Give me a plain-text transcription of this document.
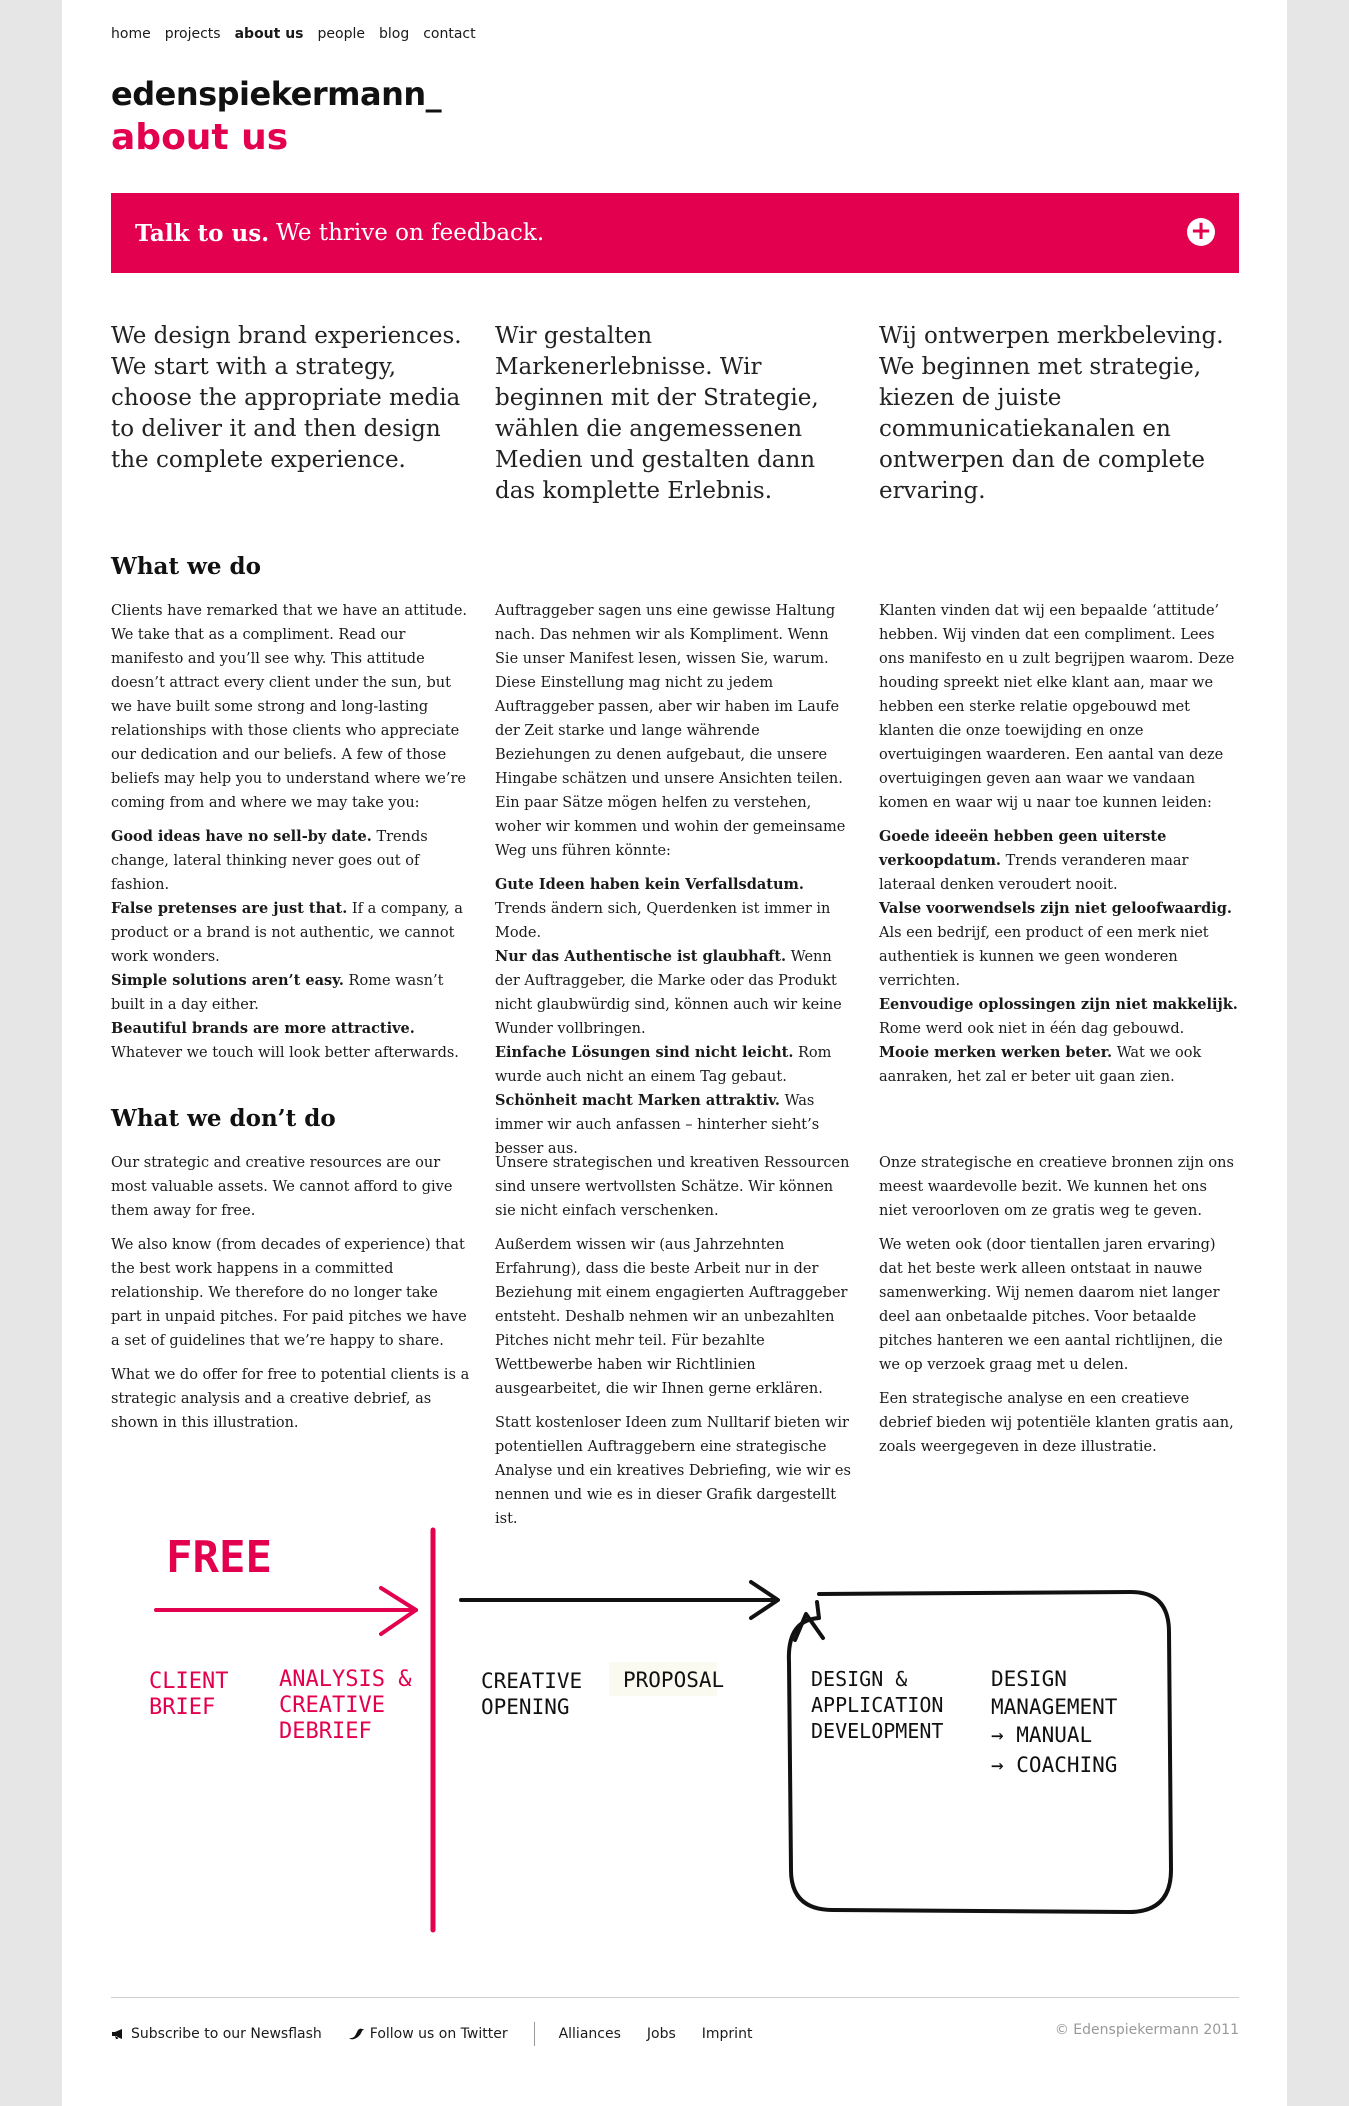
home projects about us people blog contact
edenspiekermann_
about us
Talk to us. We thrive on feedback.	+
We design brand experiences. We start with a strategy, choose the appropriate media to deliver it and then design the complete experience.
Wir gestalten Markenerlebnisse. Wir beginnen mit der Strategie, wählen die angemessenen Medien und gestalten dann das komplette Erlebnis.
Wij ontwerpen merkbeleving. We beginnen met strategie, kiezen de juiste communicatiekanalen en ontwerpen dan de complete ervaring.
What we do

Clients have remarked that we have an attitude. We take that as a compliment. Read our manifesto and you’ll see why. This attitude doesn’t attract every client under the sun, but we have built some strong and long-lasting relationships with those clients who appreciate our dedication and our beliefs. A few of those beliefs may help you to understand where we’re coming from and where we may take you:

Good ideas have no sell-by date. Trends change, lateral thinking never goes out of fashion.
False pretenses are just that. If a company, a product or a brand is not authentic, we cannot work wonders.
Simple solutions aren’t easy. Rome wasn’t built in a day either.
Beautiful brands are more attractive. Whatever we touch will look better afterwards.

Auftraggeber sagen uns eine gewisse Haltung nach. Das nehmen wir als Kompliment. Wenn Sie unser Manifest lesen, wissen Sie, warum. Diese Einstellung mag nicht zu jedem Auftraggeber passen, aber wir haben im Laufe der Zeit starke und lange währende Beziehungen zu denen aufgebaut, die unsere Hingabe schätzen und unsere Ansichten teilen. Ein paar Sätze mögen helfen zu verstehen, woher wir kommen und wohin der gemeinsame Weg uns führen könnte:

Gute Ideen haben kein Verfallsdatum. Trends ändern sich, Querdenken ist immer in Mode.
Nur das Authentische ist glaubhaft. Wenn der Auftraggeber, die Marke oder das Produkt nicht glaubwürdig sind, können auch wir keine Wunder vollbringen.
Einfache Lösungen sind nicht leicht. Rom wurde auch nicht an einem Tag gebaut.
Schönheit macht Marken attraktiv. Was immer wir auch anfassen – hinterher sieht’s besser aus.

Klanten vinden dat wij een bepaalde ‘attitude’ hebben. Wij vinden dat een compliment. Lees ons manifesto en u zult begrijpen waarom. Deze houding spreekt niet elke klant aan, maar we hebben een sterke relatie opgebouwd met klanten die onze toewijding en onze overtuigingen waarderen. Een aantal van deze overtuigingen geven aan waar we vandaan komen en waar wij u naar toe kunnen leiden:

Goede ideeën hebben geen uiterste verkoopdatum. Trends veranderen maar lateraal denken veroudert nooit.
Valse voorwendsels zijn niet geloofwaardig. Als een bedrijf, een product of een merk niet authentiek is kunnen we geen wonderen verrichten.
Eenvoudige oplossingen zijn niet makkelijk. Rome werd ook niet in één dag gebouwd.
Mooie merken werken beter. Wat we ook aanraken, het zal er beter uit gaan zien.
What we don’t do

Our strategic and creative resources are our most valuable assets. We cannot afford to give them away for free.

We also know (from decades of experience) that the best work happens in a committed relationship. We therefore do no longer take part in unpaid pitches. For paid pitches we have a set of guidelines that we’re happy to share.

What we do offer for free to potential clients is a strategic analysis and a creative debrief, as shown in this illustration.

Unsere strategischen und kreativen Ressourcen sind unsere wertvollsten Schätze. Wir können sie nicht einfach verschenken.

Außerdem wissen wir (aus Jahrzehnten Erfahrung), dass die beste Arbeit nur in der Beziehung mit einem engagierten Auftraggeber entsteht. Deshalb nehmen wir an unbezahlten Pitches nicht mehr teil. Für bezahlte Wettbewerbe haben wir Richtlinien ausgearbeitet, die wir Ihnen gerne erklären.

Statt kostenloser Ideen zum Nulltarif bieten wir potentiellen Auftraggebern eine strategische Analyse und ein kreatives Debriefing, wie wir es nennen und wie es in dieser Grafik dargestellt ist.

Onze strategische en creatieve bronnen zijn ons meest waardevolle bezit. We kunnen het ons niet veroorloven om ze gratis weg te geven.

We weten ook (door tientallen jaren ervaring) dat het beste werk alleen ontstaat in nauwe samenwerking. Wij nemen daarom niet langer deel aan onbetaalde pitches. Voor betaalde pitches hanteren we een aantal richtlijnen, die we op verzoek graag met u delen.

Een strategische analyse en een creatieve debrief bieden wij potentiële klanten gratis aan, zoals weergegeven in deze illustratie.

FREE
CLIENT BRIEF
ANALYSIS & CREATIVE DEBRIEF
CREATIVE OPENING
PROPOSAL	DESIGN & APPLICATION DEVELOPMENT
DESIGN MANAGEMENT → MANUAL → COACHING
Subscribe to our Newsflash	Follow us on Twitter	Alliances Jobs Imprint	© Edenspiekermann 2011
